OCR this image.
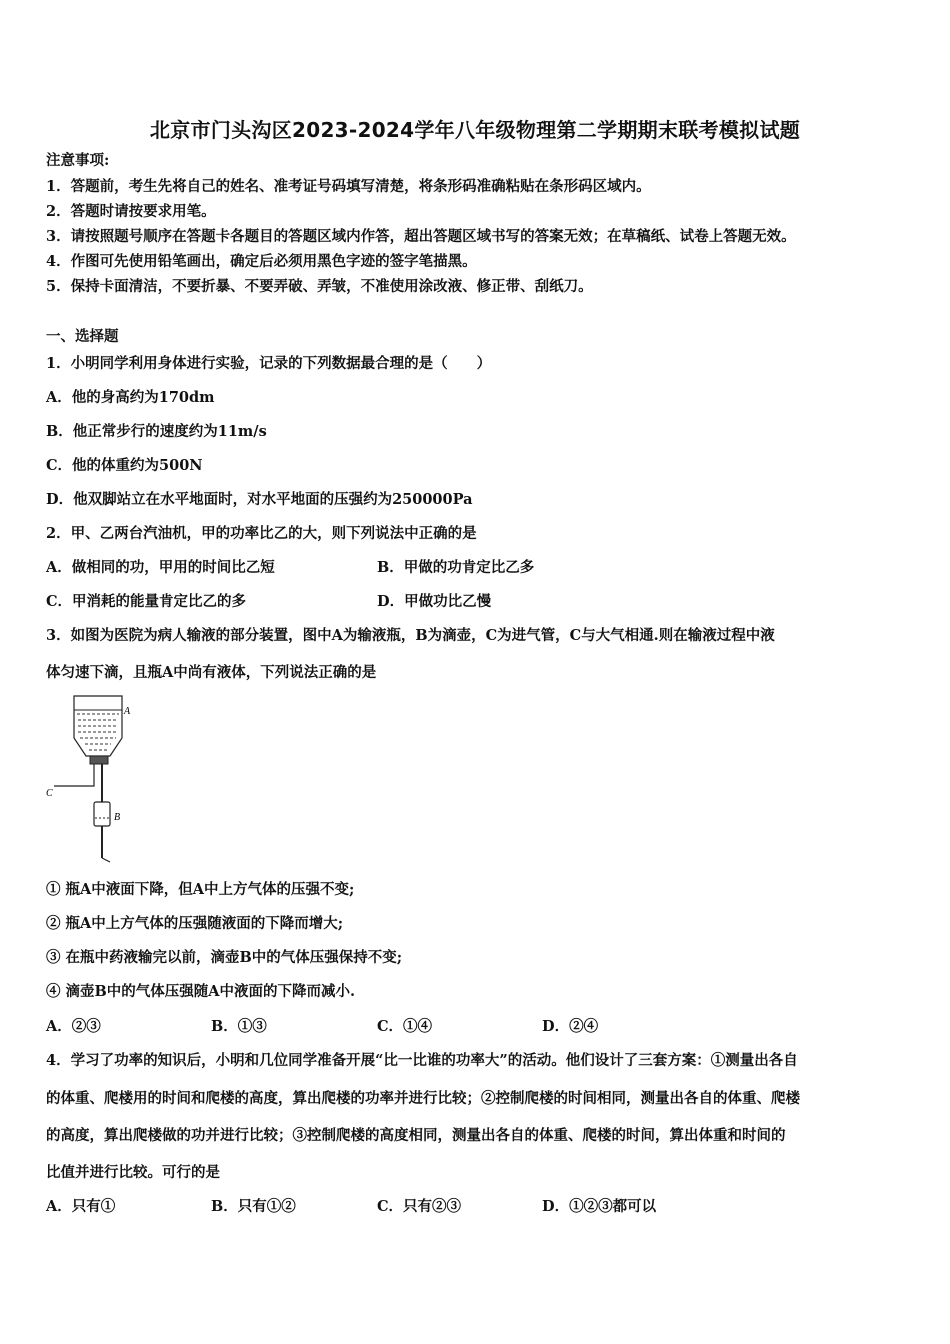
北京市门头沟区2023-2024学年八年级物理第二学期期末联考模拟试题
注意事项:
1．答题前，考生先将自己的姓名、准考证号码填写清楚，将条形码准确粘贴在条形码区域内。
2．答题时请按要求用笔。
3．请按照题号顺序在答题卡各题目的答题区域内作答，超出答题区域书写的答案无效；在草稿纸、试卷上答题无效。
4．作图可先使用铅笔画出，确定后必须用黑色字迹的签字笔描黑。
5．保持卡面清洁，不要折暴、不要弄破、弄皱，不准使用涂改液、修正带、刮纸刀。
一、选择题
1．小明同学利用身体进行实验，记录的下列数据最合理的是（　　）
A．他的身高约为170dm
B．他正常步行的速度约为11m/s
C．他的体重约为500N
D．他双脚站立在水平地面时，对水平地面的压强约为250000Pa
2．甲、乙两台汽油机，甲的功率比乙的大，则下列说法中正确的是
A．做相同的功，甲用的时间比乙短	B．甲做的功肯定比乙多
C．甲消耗的能量肯定比乙的多	D．甲做功比乙慢
3．如图为医院为病人输液的部分装置，图中A为输液瓶，B为滴壶，C为进气管，C与大气相通.则在输液过程中液
体匀速下滴，且瓶A中尚有液体，下列说法正确的是
A
C
B
① 瓶A中液面下降，但A中上方气体的压强不变;
② 瓶A中上方气体的压强随液面的下降而增大;
③ 在瓶中药液输完以前，滴壶B中的气体压强保持不变;
④ 滴壶B中的气体压强随A中液面的下降而减小.
A．②③	B．①③	C．①④	D．②④
4．学习了功率的知识后，小明和几位同学准备开展“比一比谁的功率大”的活动。他们设计了三套方案：①测量出各自
的体重、爬楼用的时间和爬楼的高度，算出爬楼的功率并进行比较；②控制爬楼的时间相同，测量出各自的体重、爬楼
的高度，算出爬楼做的功并进行比较；③控制爬楼的高度相同，测量出各自的体重、爬楼的时间，算出体重和时间的
比值并进行比较。可行的是
A．只有①	B．只有①②	C．只有②③	D．①②③都可以
